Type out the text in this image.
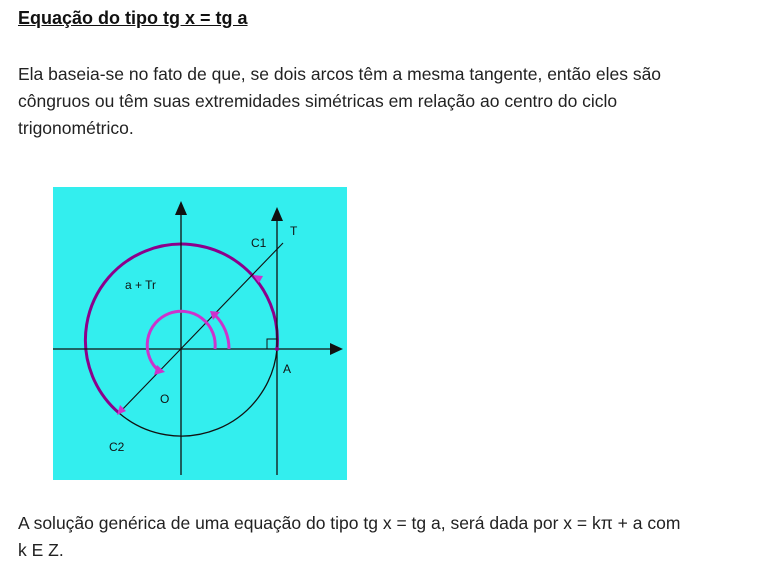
Equação do tipo tg x = tg a

Ela baseia-se no fato de que, se dois arcos têm a mesma tangente, então eles são
côngruos ou têm suas extremidades simétricas em relação ao centro do ciclo
trigonométrico.

T
C1
a + Tr
A
O
C2

A solução genérica de uma equação do tipo tg x = tg a, será dada por x = kπ + a com
k E Z.
